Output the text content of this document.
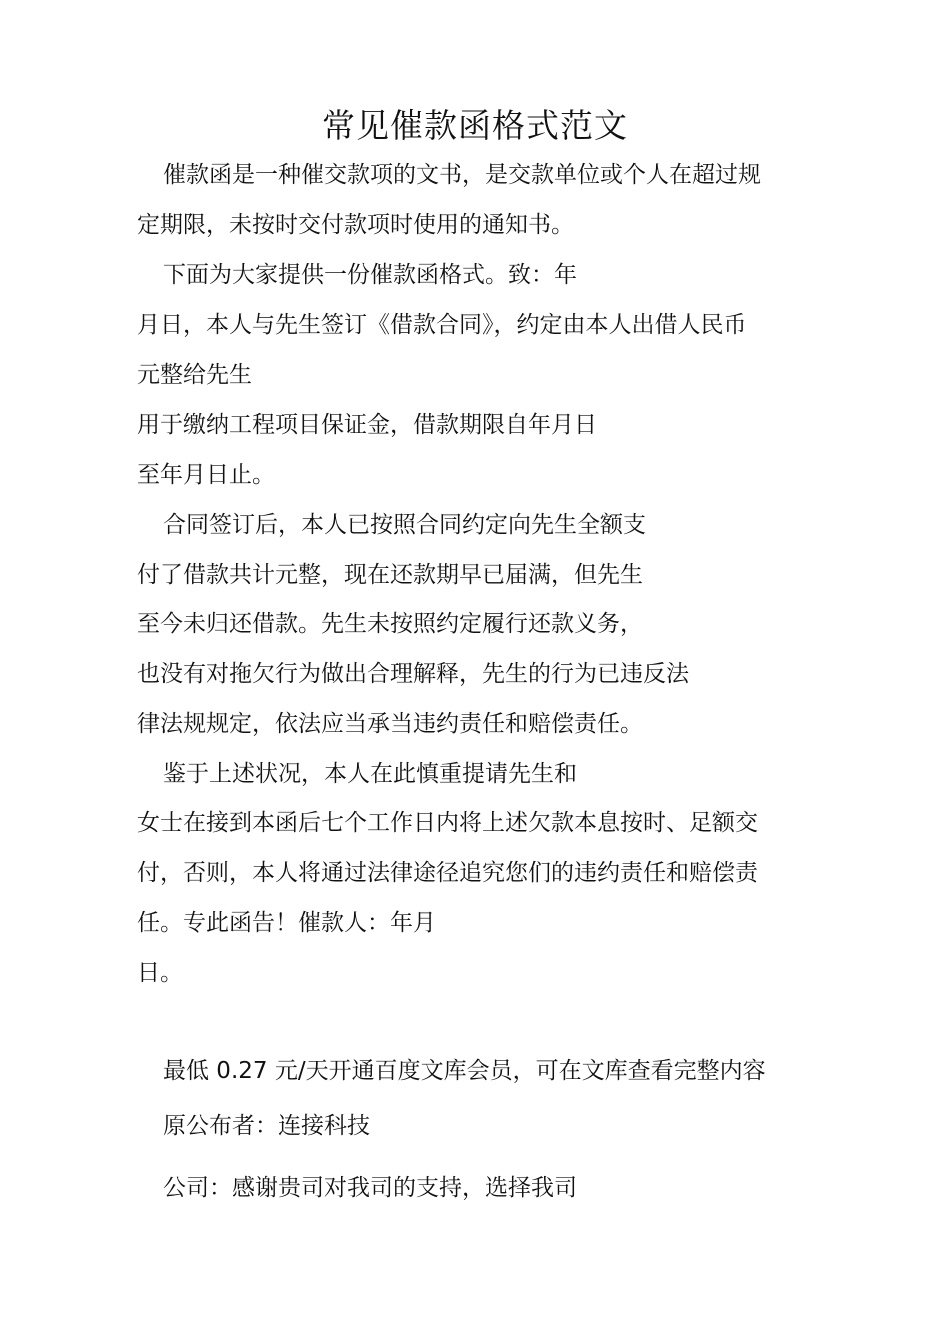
常见催款函格式范文

催款函是一种催交款项的文书，是交款单位或个人在超过规

定期限，未按时交付款项时使用的通知书。

下面为大家提供一份催款函格式。致：年

月日，本人与先生签订《借款合同》，约定由本人出借人民币

元整给先生

用于缴纳工程项目保证金，借款期限自年月日

至年月日止。

合同签订后，本人已按照合同约定向先生全额支

付了借款共计元整，现在还款期早已届满，但先生

至今未归还借款。先生未按照约定履行还款义务，

也没有对拖欠行为做出合理解释，先生的行为已违反法

律法规规定，依法应当承当违约责任和赔偿责任。

鉴于上述状况，本人在此慎重提请先生和

女士在接到本函后七个工作日内将上述欠款本息按时、足额交

付，否则，本人将通过法律途径追究您们的违约责任和赔偿责

任。专此函告！催款人：年月

日。

最低 0.27 元/天开通百度文库会员，可在文库查看完整内容

原公布者：连接科技

公司：感谢贵司对我司的支持，选择我司
